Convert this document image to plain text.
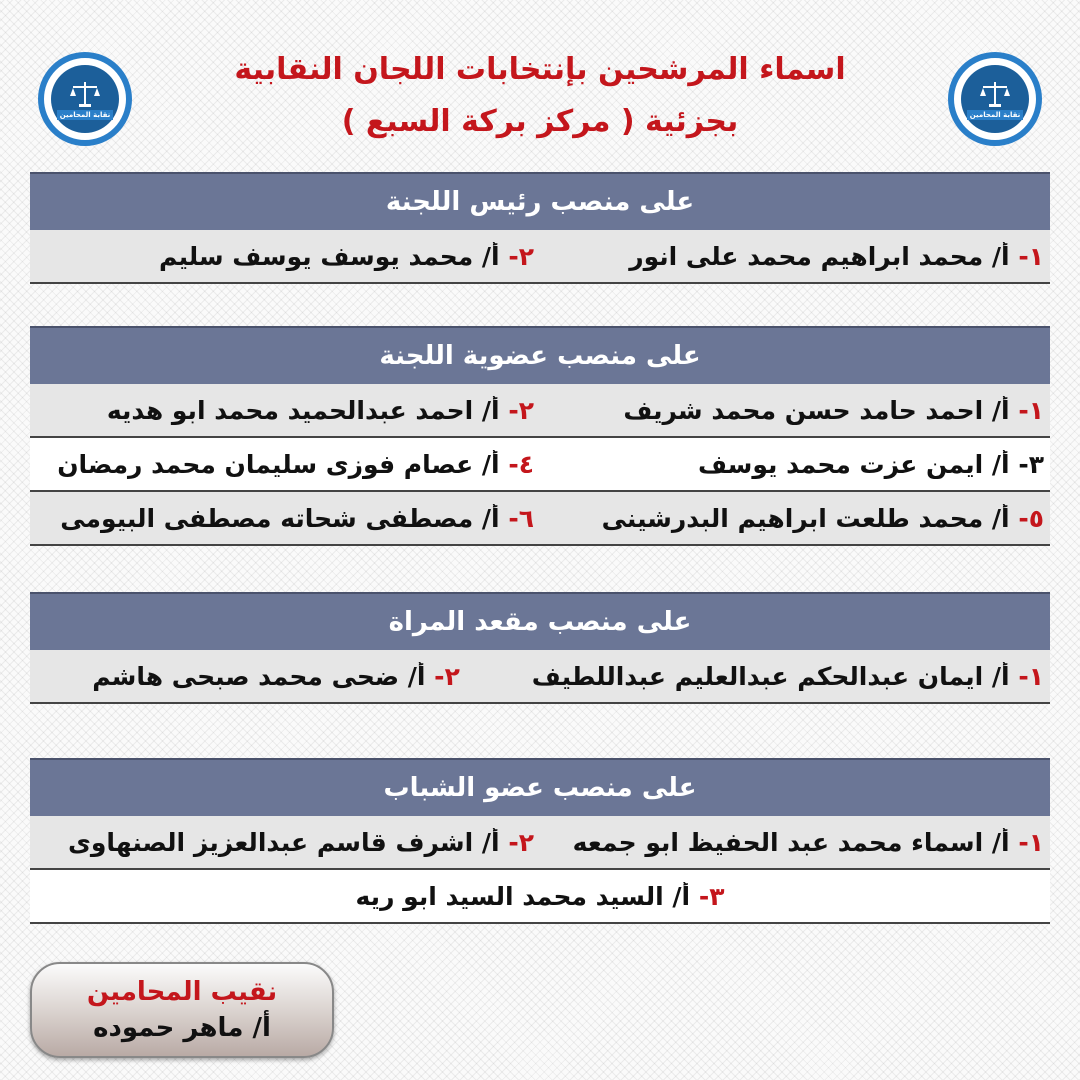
نقابة المحامين	نقابة المحامين
اسماء المرشحين بإنتخابات اللجان النقابية
بجزئية ( مركز بركة السبع )
على منصب رئيس اللجنة
١- أ/ محمد ابراهيم محمد على انور
٢- أ/ محمد يوسف يوسف سليم
على منصب عضوية اللجنة
١- أ/ احمد حامد حسن محمد شريف
٢- أ/ احمد عبدالحميد محمد ابو هديه
٣- أ/ ايمن عزت محمد يوسف
٤- أ/ عصام فوزى سليمان محمد رمضان
٥- أ/ محمد طلعت ابراهيم البدرشينى
٦- أ/ مصطفى شحاته مصطفى البيومى
على منصب مقعد المراة
١- أ/ ايمان عبدالحكم عبدالعليم عبداللطيف
٢- أ/ ضحى محمد صبحى هاشم
على منصب عضو الشباب
١- أ/ اسماء محمد عبد الحفيظ ابو جمعه
٢- أ/ اشرف قاسم عبدالعزيز الصنهاوى
٣- أ/ السيد محمد السيد ابو ريه
نقيب المحامين
أ/ ماهر حموده
